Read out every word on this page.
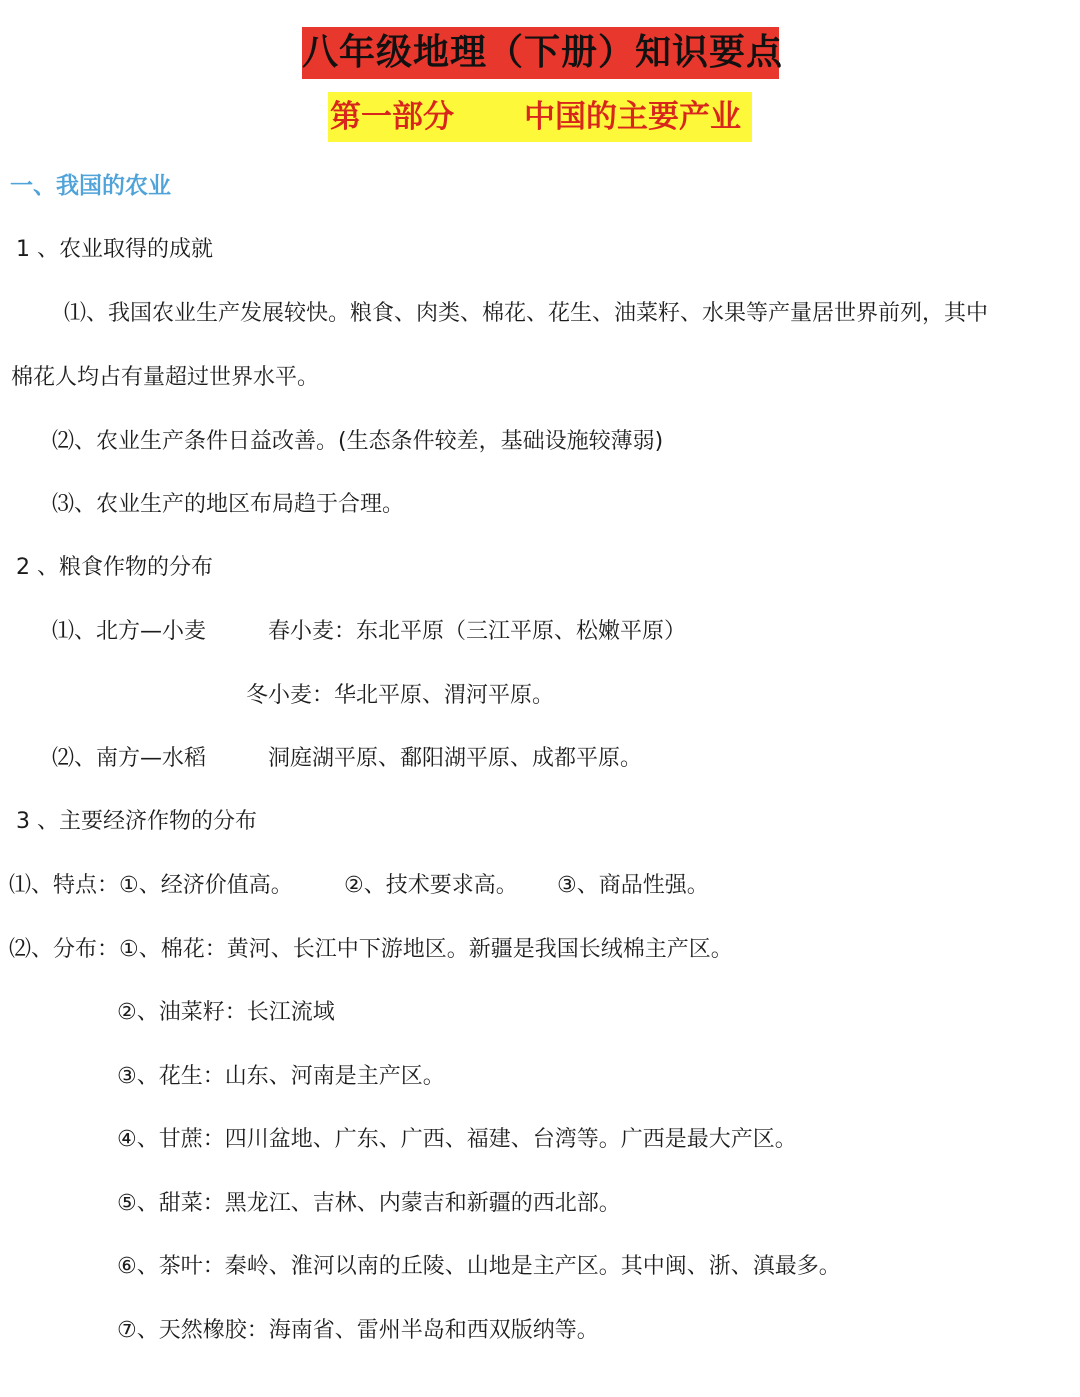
八年级地理（下册）知识要点
第一部分 中国的主要产业
一、我国的农业
1 、农业取得的成就
⑴、我国农业生产发展较快。粮食、肉类、棉花、花生、油菜籽、水果等产量居世界前列，其中
棉花人均占有量超过世界水平。
⑵、农业生产条件日益改善。(生态条件较差，基础设施较薄弱)
⑶、农业生产的地区布局趋于合理。
2 、粮食作物的分布
⑴、北方—小麦	春小麦：东北平原（三江平原、松嫩平原）
冬小麦：华北平原、渭河平原。
⑵、南方—水稻	洞庭湖平原、鄱阳湖平原、成都平原。
3 、主要经济作物的分布
⑴、特点：①、经济价值高。 ②、技术要求高。 ③、商品性强。
⑵、分布：①、棉花：黄河、长江中下游地区。新疆是我国长绒棉主产区。
②、油菜籽：长江流域
③、花生：山东、河南是主产区。
④、甘蔗：四川盆地、广东、广西、福建、台湾等。广西是最大产区。
⑤、甜菜：黑龙江、吉林、内蒙吉和新疆的西北部。
⑥、茶叶：秦岭、淮河以南的丘陵、山地是主产区。其中闽、浙、滇最多。
⑦、天然橡胶：海南省、雷州半岛和西双版纳等。
